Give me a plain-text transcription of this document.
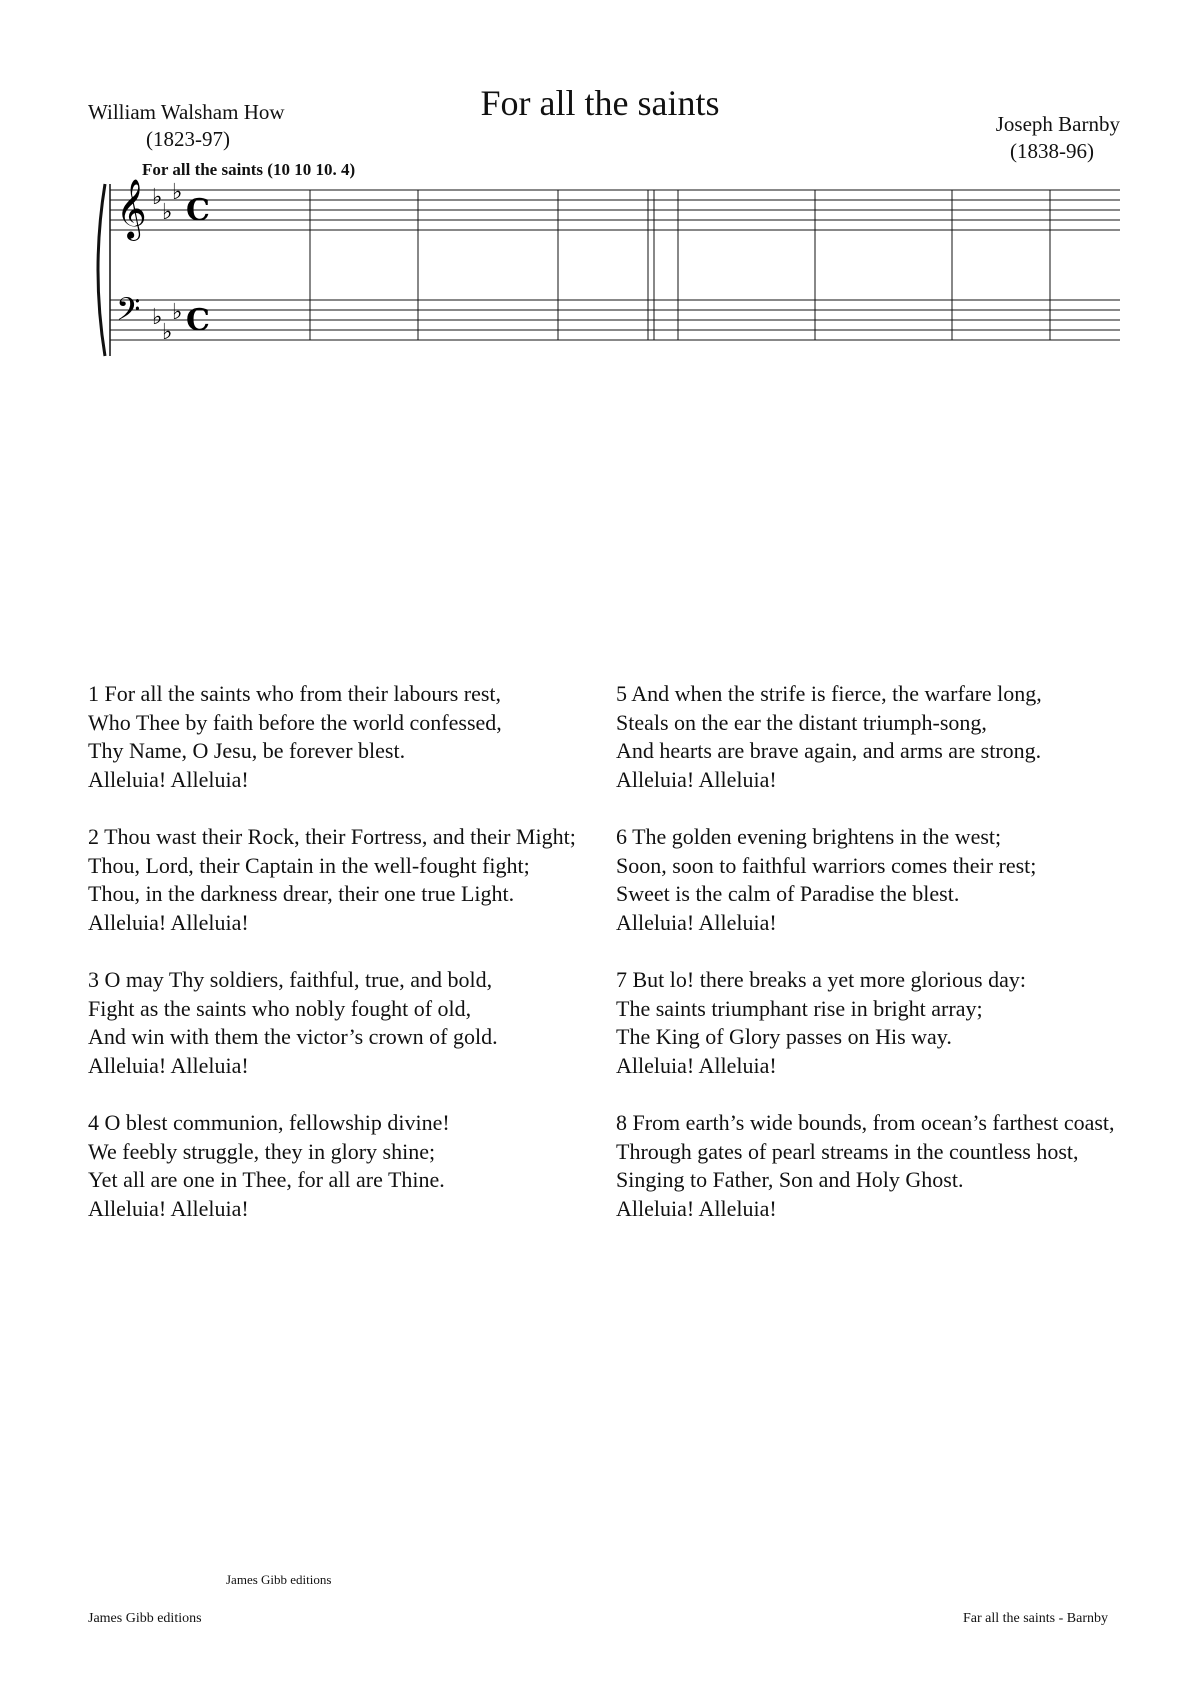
For all the saints
William Walsham How
(1823-97)
Joseph Barnby
(1838-96)
For all the saints (10 10 10. 4)
𝄞 ♭
♭
♭
C
𝄢 ♭
♭
♭ C
1 For all the saints who from their labours rest,
Who Thee by faith before the world confessed,
Thy Name, O Jesu, be forever blest.
Alleluia! Alleluia!
2 Thou wast their Rock, their Fortress, and their Might;
Thou, Lord, their Captain in the well-fought fight;
Thou, in the darkness drear, their one true Light.
Alleluia! Alleluia!
3 O may Thy soldiers, faithful, true, and bold,
Fight as the saints who nobly fought of old,
And win with them the victor’s crown of gold.
Alleluia! Alleluia!
4 O blest communion, fellowship divine!
We feebly struggle, they in glory shine;
Yet all are one in Thee, for all are Thine.
Alleluia! Alleluia!
5 And when the strife is fierce, the warfare long,
Steals on the ear the distant triumph-song,
And hearts are brave again, and arms are strong.
Alleluia! Alleluia!
6 The golden evening brightens in the west;
Soon, soon to faithful warriors comes their rest;
Sweet is the calm of Paradise the blest.
Alleluia! Alleluia!
7 But lo! there breaks a yet more glorious day:
The saints triumphant rise in bright array;
The King of Glory passes on His way.
Alleluia! Alleluia!
8 From earth’s wide bounds, from ocean’s farthest coast,
Through gates of pearl streams in the countless host,
Singing to Father, Son and Holy Ghost.
Alleluia! Alleluia!
James Gibb editions
James Gibb editions	Far all the saints - Barnby
